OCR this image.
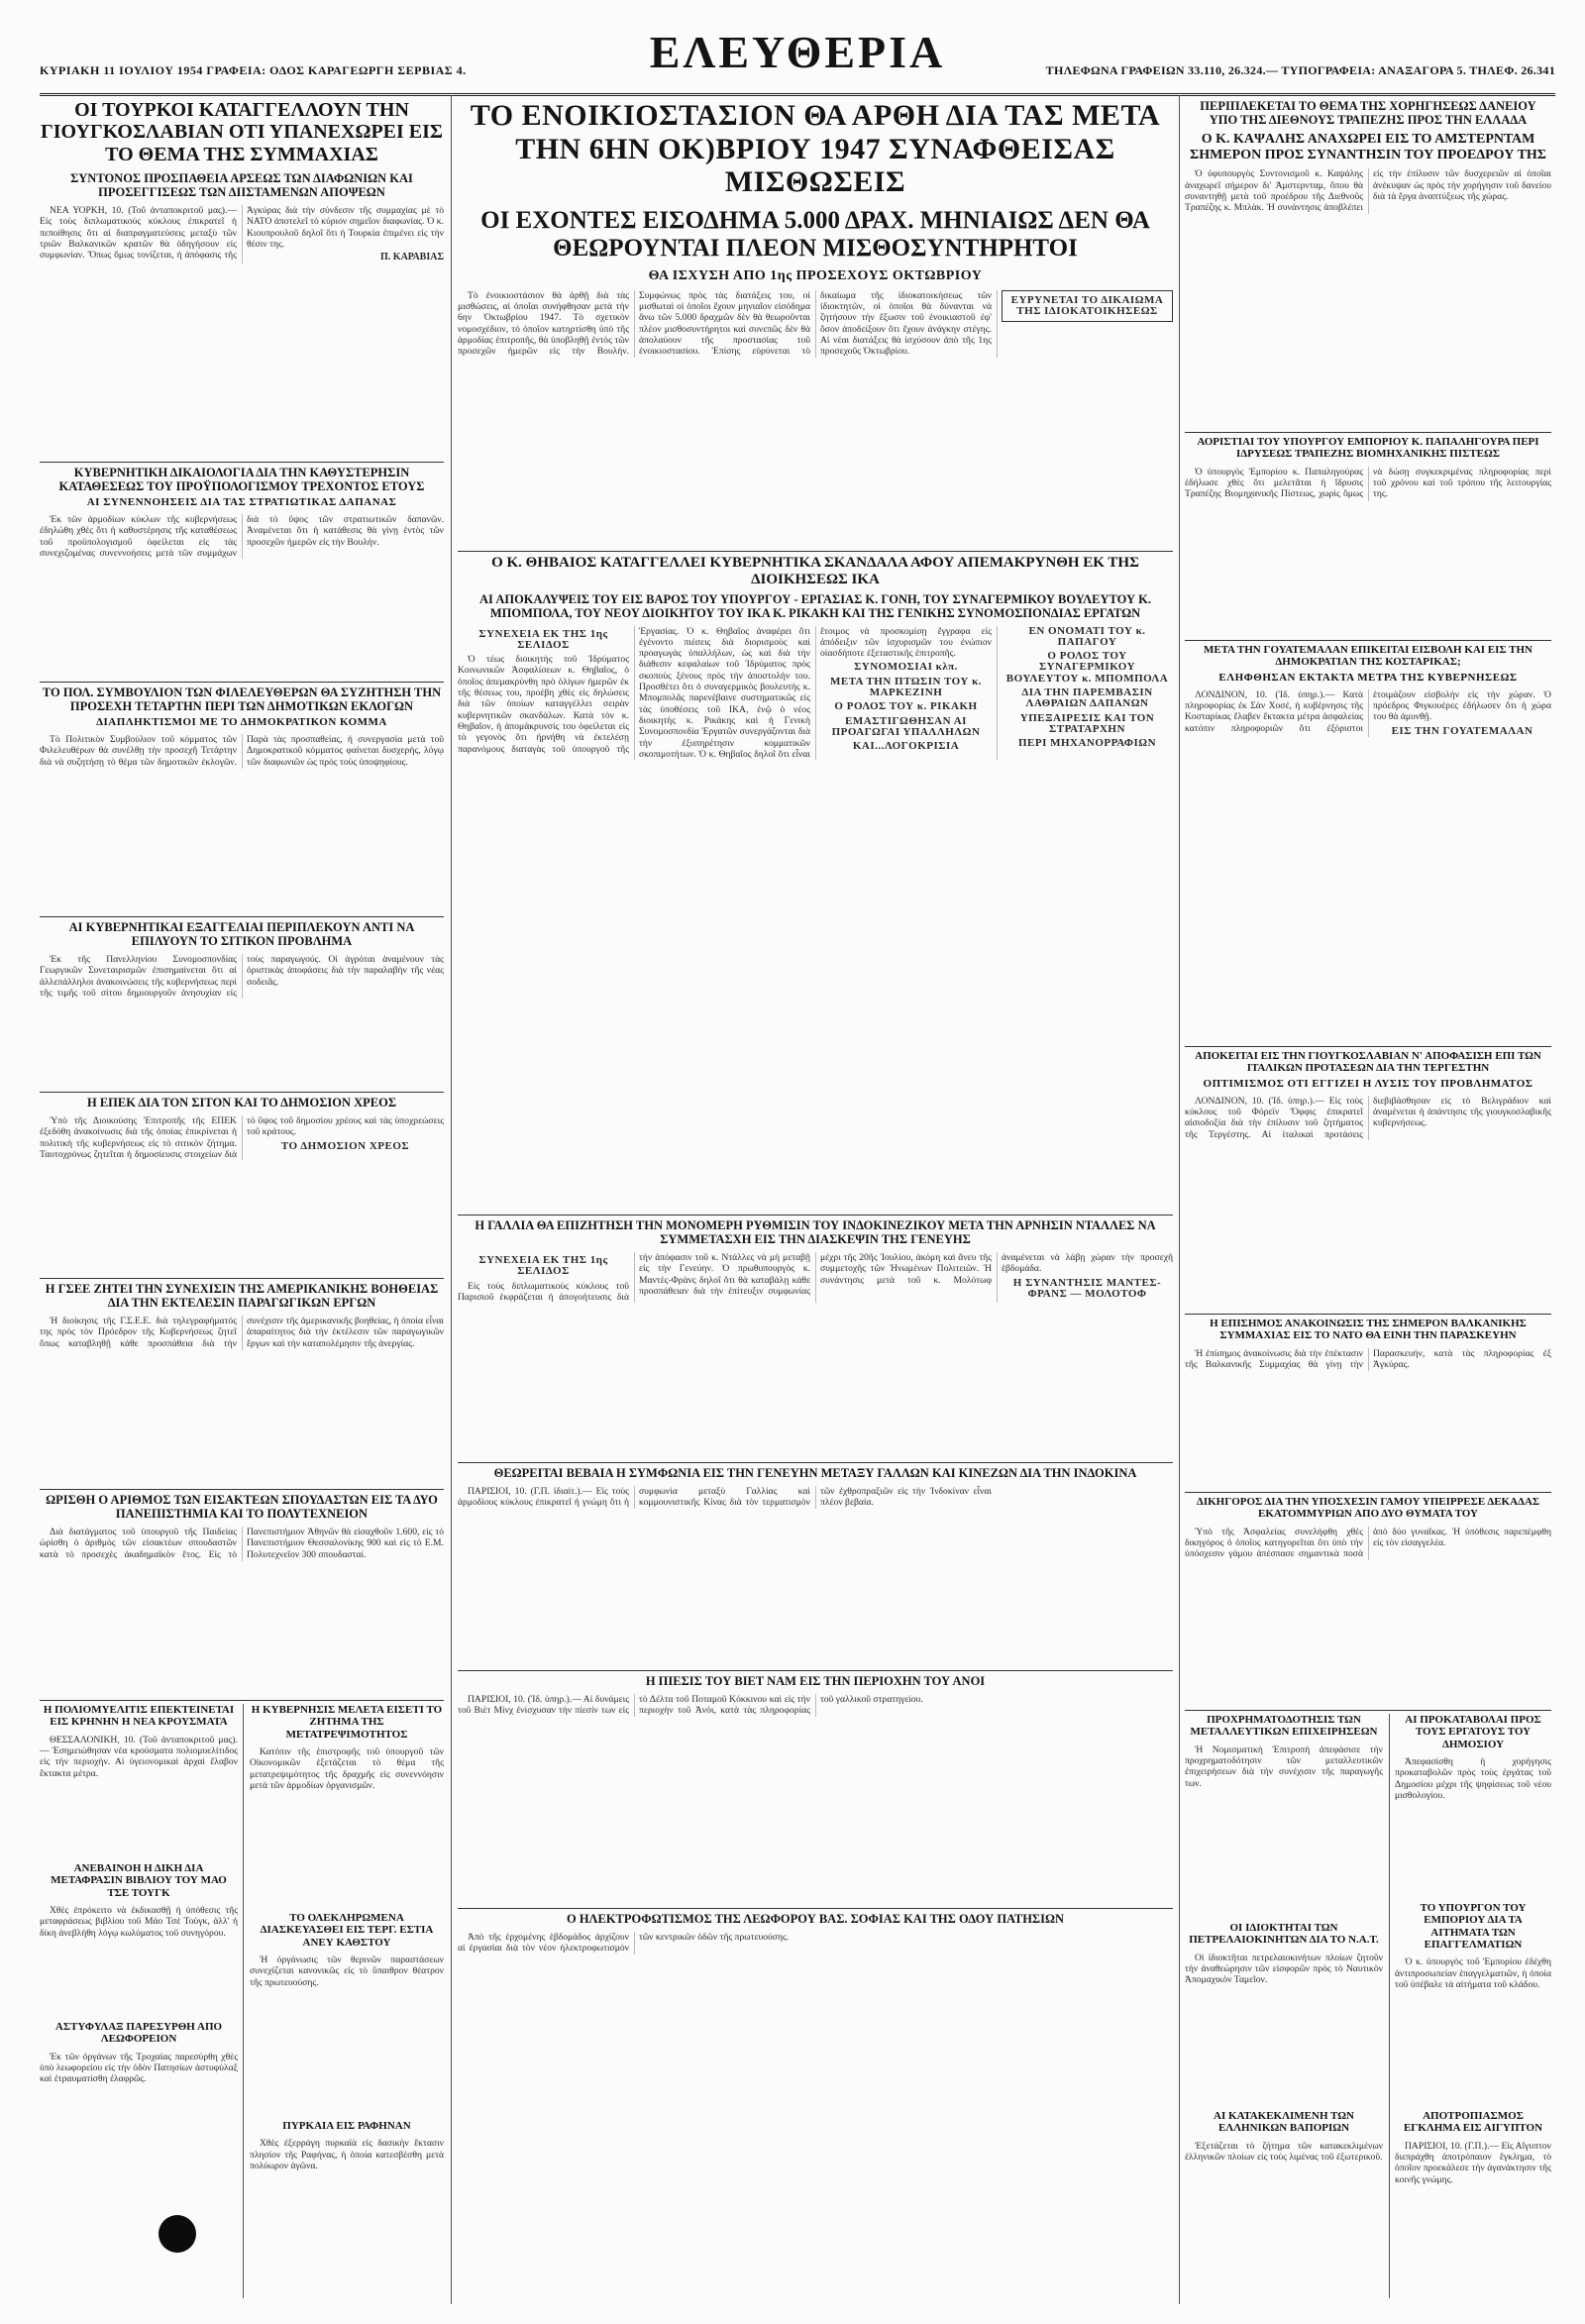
ΚΥΡΙΑΚΗ 11 ΙΟΥΛΙΟΥ 1954 ΓΡΑΦΕΙΑ: ΟΔΟΣ ΚΑΡΑΓΕΩΡΓΗ ΣΕΡΒΙΑΣ 4.	ΕΛΕΥΘΕΡΙΑ	ΤΗΛΕΦΩΝΑ ΓΡΑΦΕΙΩΝ 33.110, 26.324.— ΤΥΠΟΓΡΑΦΕΙΑ: ΑΝΑΞΑΓΟΡΑ 5. ΤΗΛΕΦ. 26.341
ΟΙ ΤΟΥΡΚΟΙ ΚΑΤΑΓΓΕΛΛΟΥΝ ΤΗΝ ΓΙΟΥΓΚΟΣΛΑΒΙΑΝ ΟΤΙ ΥΠΑΝΕΧΩΡΕΙ ΕΙΣ ΤΟ ΘΕΜΑ ΤΗΣ ΣΥΜΜΑΧΙΑΣ
ΣΥΝΤΟΝΟΣ ΠΡΟΣΠΑΘΕΙΑ ΑΡΣΕΩΣ ΤΩΝ ΔΙΑΦΩΝΙΩΝ ΚΑΙ ΠΡΟΣΕΓΓΙΣΕΩΣ ΤΩΝ ΔΙΙΣΤΑΜΕΝΩΝ ΑΠΟΨΕΩΝ

ΝΕΑ ΥΟΡΚΗ, 10. (Τοῦ ἀνταποκριτοῦ μας).— Εἰς τοὺς διπλωματικοὺς κύκλους ἐπικρατεῖ ἡ πεποίθησις ὅτι αἱ διαπραγματεύσεις μεταξὺ τῶν τριῶν Βαλκανικῶν κρατῶν θὰ ὁδηγήσουν εἰς συμφωνίαν. Ὅπως ὅμως τονίζεται, ἡ ἀπόφασις τῆς Ἀγκύρας διὰ τὴν σύνδεσιν τῆς συμμαχίας μὲ τὸ ΝΑΤΟ ἀποτελεῖ τὸ κύριον σημεῖον διαφωνίας. Ὁ κ. Κιουπρουλοῦ δηλοῖ ὅτι ἡ Τουρκία ἐπιμένει εἰς τὴν θέσιν της.

Π. ΚΑΡΑΒΙΑΣ
ΚΥΒΕΡΝΗΤΙΚΗ ΔΙΚΑΙΟΛΟΓΙΑ ΔΙΑ ΤΗΝ ΚΑΘΥΣΤΕΡΗΣΙΝ ΚΑΤΑΘΕΣΕΩΣ ΤΟΥ ΠΡΟΫΠΟΛΟΓΙΣΜΟΥ ΤΡΕΧΟΝΤΟΣ ΕΤΟΥΣ
ΑΙ ΣΥΝΕΝΝΟΗΣΕΙΣ ΔΙΑ ΤΑΣ ΣΤΡΑΤΙΩΤΙΚΑΣ ΔΑΠΑΝΑΣ

Ἐκ τῶν ἁρμοδίων κύκλων τῆς κυβερνήσεως ἐδηλώθη χθὲς ὅτι ἡ καθυστέρησις τῆς καταθέσεως τοῦ προϋπολογισμοῦ ὀφείλεται εἰς τὰς συνεχιζομένας συνεννοήσεις μετὰ τῶν συμμάχων διὰ τὸ ὕψος τῶν στρατιωτικῶν δαπανῶν. Ἀναμένεται ὅτι ἡ κατάθεσις θὰ γίνῃ ἐντὸς τῶν προσεχῶν ἡμερῶν εἰς τὴν Βουλήν.

ΤΟ ΠΟΛ. ΣΥΜΒΟΥΛΙΟΝ ΤΩΝ ΦΙΛΕΛΕΥΘΕΡΩΝ ΘΑ ΣΥΖΗΤΗΣΗ ΤΗΝ ΠΡΟΣΕΧΗ ΤΕΤΑΡΤΗΝ ΠΕΡΙ ΤΩΝ ΔΗΜΟΤΙΚΩΝ ΕΚΛΟΓΩΝ
ΔΙΑΠΛΗΚΤΙΣΜΟΙ ΜΕ ΤΟ ΔΗΜΟΚΡΑΤΙΚΟΝ ΚΟΜΜΑ

Τὸ Πολιτικὸν Συμβούλιον τοῦ κόμματος τῶν Φιλελευθέρων θὰ συνέλθῃ τὴν προσεχῆ Τετάρτην διὰ νὰ συζητήσῃ τὸ θέμα τῶν δημοτικῶν ἐκλογῶν. Παρὰ τὰς προσπαθείας, ἡ συνεργασία μετὰ τοῦ Δημοκρατικοῦ κόμματος φαίνεται δυσχερής, λόγῳ τῶν διαφωνιῶν ὡς πρὸς τοὺς ὑποψηφίους.

ΑΙ ΚΥΒΕΡΝΗΤΙΚΑΙ ΕΞΑΓΓΕΛΙΑΙ ΠΕΡΙΠΛΕΚΟΥΝ ΑΝΤΙ ΝΑ ΕΠΙΛΥΟΥΝ ΤΟ ΣΙΤΙΚΟΝ ΠΡΟΒΛΗΜΑ

Ἐκ τῆς Πανελληνίου Συνομοσπονδίας Γεωργικῶν Συνεταιρισμῶν ἐπισημαίνεται ὅτι αἱ ἀλλεπάλληλοι ἀνακοινώσεις τῆς κυβερνήσεως περὶ τῆς τιμῆς τοῦ σίτου δημιουργοῦν ἀνησυχίαν εἰς τοὺς παραγωγούς. Οἱ ἀγρόται ἀναμένουν τὰς ὁριστικὰς ἀποφάσεις διὰ τὴν παραλαβὴν τῆς νέας σοδειᾶς.

Η ΕΠΕΚ ΔΙΑ ΤΟΝ ΣΙΤΟΝ ΚΑΙ ΤΟ ΔΗΜΟΣΙΟΝ ΧΡΕΟΣ

Ὑπὸ τῆς Διοικούσης Ἐπιτροπῆς τῆς ΕΠΕΚ ἐξεδόθη ἀνακοίνωσις διὰ τῆς ὁποίας ἐπικρίνεται ἡ πολιτικὴ τῆς κυβερνήσεως εἰς τὸ σιτικὸν ζήτημα. Ταυτοχρόνως ζητεῖται ἡ δημοσίευσις στοιχείων διὰ τὸ ὕψος τοῦ δημοσίου χρέους καὶ τὰς ὑποχρεώσεις τοῦ κράτους.

ΤΟ ΔΗΜΟΣΙΟΝ ΧΡΕΟΣ
Η ΓΣΕΕ ΖΗΤΕΙ ΤΗΝ ΣΥΝΕΧΙΣΙΝ ΤΗΣ ΑΜΕΡΙΚΑΝΙΚΗΣ ΒΟΗΘΕΙΑΣ ΔΙΑ ΤΗΝ ΕΚΤΕΛΕΣΙΝ ΠΑΡΑΓΩΓΙΚΩΝ ΕΡΓΩΝ

Ἡ διοίκησις τῆς Γ.Σ.Ε.Ε. διὰ τηλεγραφήματός της πρὸς τὸν Πρόεδρον τῆς Κυβερνήσεως ζητεῖ ὅπως καταβληθῇ κάθε προσπάθεια διὰ τὴν συνέχισιν τῆς ἀμερικανικῆς βοηθείας, ἡ ὁποία εἶναι ἀπαραίτητος διὰ τὴν ἐκτέλεσιν τῶν παραγωγικῶν ἔργων καὶ τὴν καταπολέμησιν τῆς ἀνεργίας.

ΩΡΙΣΘΗ Ο ΑΡΙΘΜΟΣ ΤΩΝ ΕΙΣΑΚΤΕΩΝ ΣΠΟΥΔΑΣΤΩΝ ΕΙΣ ΤΑ ΔΥΟ ΠΑΝΕΠΙΣΤΗΜΙΑ ΚΑΙ ΤΟ ΠΟΛΥΤΕΧΝΕΙΟΝ

Διὰ διατάγματος τοῦ ὑπουργοῦ τῆς Παιδείας ὡρίσθη ὁ ἀριθμὸς τῶν εἰσακτέων σπουδαστῶν κατὰ τὸ προσεχὲς ἀκαδημαϊκὸν ἔτος. Εἰς τὸ Πανεπιστήμιον Ἀθηνῶν θὰ εἰσαχθοῦν 1.600, εἰς τὸ Πανεπιστήμιον Θεσσαλονίκης 900 καὶ εἰς τὸ Ε.Μ. Πολυτεχνεῖον 300 σπουδασταί.

Η ΠΟΛΙΟΜΥΕΛΙΤΙΣ ΕΠΕΚΤΕΙΝΕΤΑΙ ΕΙΣ ΚΡΗΝΗΝ Η ΝΕΑ ΚΡΟΥΣΜΑΤΑ

ΘΕΣΣΑΛΟΝΙΚΗ, 10. (Τοῦ ἀνταποκριτοῦ μας).— Ἐσημειώθησαν νέα κρούσματα πολιομυελίτιδος εἰς τὴν περιοχὴν. Αἱ ὑγειονομικαὶ ἀρχαὶ ἔλαβον ἔκτακτα μέτρα.

ΑΝΕΒΑΙΝΟΗ Η ΔΙΚΗ ΔΙΑ ΜΕΤΑΦΡΑΣΙΝ ΒΙΒΛΙΟΥ ΤΟΥ ΜΑΟ ΤΣΕ ΤΟΥΓΚ

Χθὲς ἐπρόκειτο νὰ ἐκδικασθῇ ἡ ὑπόθεσις τῆς μεταφράσεως βιβλίου τοῦ Μάο Τσὲ Τοὺγκ, ἀλλ' ἡ δίκη ἀνεβλήθη λόγῳ κωλύματος τοῦ συνηγόρου.

ΑΣΤΥΦΥΛΑΞ ΠΑΡΕΣΥΡΘΗ ΑΠΟ ΛΕΩΦΟΡΕΙΟΝ

Ἐκ τῶν ὀργάνων τῆς Τροχαίας παρεσύρθη χθὲς ὑπὸ λεωφορείου εἰς τὴν ὁδὸν Πατησίων ἀστυφύλαξ καὶ ἐτραυματίσθη ἐλαφρῶς.

Η ΚΥΒΕΡΝΗΣΙΣ ΜΕΛΕΤΑ ΕΙΣΕΤΙ ΤΟ ΖΗΤΗΜΑ ΤΗΣ ΜΕΤΑΤΡΕΨΙΜΟΤΗΤΟΣ

Κατόπιν τῆς ἐπιστροφῆς τοῦ ὑπουργοῦ τῶν Οἰκονομικῶν ἐξετάζεται τὸ θέμα τῆς μετατρεψιμότητος τῆς δραχμῆς εἰς συνεννόησιν μετὰ τῶν ἁρμοδίων ὀργανισμῶν.

ΤΟ ΟΛΕΚΛΗΡΩΜΕΝΑ ΔΙΑΣΚΕΥΑΣΘΕΙ ΕΙΣ ΤΕΡΓ. ΕΣΤΙΑ ΑΝΕΥ ΚΑΘΣΤΟΥ

Ἡ ὀργάνωσις τῶν θερινῶν παραστάσεων συνεχίζεται κανονικῶς εἰς τὸ ὕπαιθρον θέατρον τῆς πρωτευούσης.

ΠΥΡΚΑΙΑ ΕΙΣ ΡΑΦΗΝΑΝ

Χθὲς ἐξερράγη πυρκαϊὰ εἰς δασικὴν ἔκτασιν πλησίον τῆς Ραφήνας, ἡ ὁποία κατεσβέσθη μετὰ πολύωρον ἀγῶνα.

ΤΟ ΕΝΟΙΚΙΟΣΤΑΣΙΟΝ ΘΑ ΑΡΘΗ ΔΙΑ ΤΑΣ ΜΕΤΑ ΤΗΝ 6ΗΝ ΟΚ)ΒΡΙΟΥ 1947 ΣΥΝΑΦΘΕΙΣΑΣ ΜΙΣΘΩΣΕΙΣ
ΟΙ ΕΧΟΝΤΕΣ ΕΙΣΟΔΗΜΑ 5.000 ΔΡΑΧ. ΜΗΝΙΑΙΩΣ ΔΕΝ ΘΑ ΘΕΩΡΟΥΝΤΑΙ ΠΛΕΟΝ ΜΙΣΘΟΣΥΝΤΗΡΗΤΟΙ
ΘΑ ΙΣΧΥΣΗ ΑΠΟ 1ης ΠΡΟΣΕΧΟΥΣ ΟΚΤΩΒΡΙΟΥ

Τὸ ἐνοικιοστάσιον θὰ ἀρθῇ διὰ τὰς μισθώσεις, αἱ ὁποῖαι συνήφθησαν μετὰ τὴν 6ην Ὀκτωβρίου 1947. Τὸ σχετικὸν νομοσχέδιον, τὸ ὁποῖον κατηρτίσθη ὑπὸ τῆς ἁρμοδίας ἐπιτροπῆς, θὰ ὑποβληθῇ ἐντὸς τῶν προσεχῶν ἡμερῶν εἰς τὴν Βουλήν. Συμφώνως πρὸς τὰς διατάξεις του, οἱ μισθωταὶ οἱ ὁποῖοι ἔχουν μηνιαῖον εἰσόδημα ἄνω τῶν 5.000 δραχμῶν δὲν θὰ θεωροῦνται πλέον μισθοσυντήρητοι καὶ συνεπῶς δὲν θὰ ἀπολαύουν τῆς προστασίας τοῦ ἐνοικιοστασίου. Ἐπίσης εὐρύνεται τὸ δικαίωμα τῆς ἰδιοκατοικήσεως τῶν ἰδιοκτητῶν, οἱ ὁποῖοι θὰ δύνανται νὰ ζητήσουν τὴν ἔξωσιν τοῦ ἐνοικιαστοῦ ἐφ' ὅσον ἀποδείξουν ὅτι ἔχουν ἀνάγκην στέγης. Αἱ νέαι διατάξεις θὰ ἰσχύσουν ἀπὸ τῆς 1ης προσεχοῦς Ὀκτωβρίου.

ΕΥΡΥΝΕΤΑΙ ΤΟ ΔΙΚΑΙΩΜΑ ΤΗΣ ΙΔΙΟΚΑΤΟΙΚΗΣΕΩΣ
Ο Κ. ΘΗΒΑΙΟΣ ΚΑΤΑΓΓΕΛΛΕΙ ΚΥΒΕΡΝΗΤΙΚΑ ΣΚΑΝΔΑΛΑ ΑΦΟΥ ΑΠΕΜΑΚΡΥΝΘΗ ΕΚ ΤΗΣ ΔΙΟΙΚΗΣΕΩΣ ΙΚΑ
ΑΙ ΑΠΟΚΑΛΥΨΕΙΣ ΤΟΥ ΕΙΣ ΒΑΡΟΣ ΤΟΥ ΥΠΟΥΡΓΟΥ - ΕΡΓΑΣΙΑΣ Κ. ΓΟΝΗ, ΤΟΥ ΣΥΝΑΓΕΡΜΙΚΟΥ ΒΟΥΛΕΥΤΟΥ Κ. ΜΠΟΜΠΟΛΑ, ΤΟΥ ΝΕΟΥ ΔΙΟΙΚΗΤΟΥ ΤΟΥ ΙΚΑ Κ. ΡΙΚΑΚΗ ΚΑΙ ΤΗΣ ΓΕΝΙΚΗΣ ΣΥΝΟΜΟΣΠΟΝΔΙΑΣ ΕΡΓΑΤΩΝ
ΣΥΝΕΧΕΙΑ ΕΚ ΤΗΣ 1ης ΣΕΛΙΔΟΣ

Ὁ τέως διοικητὴς τοῦ Ἱδρύματος Κοινωνικῶν Ἀσφαλίσεων κ. Θηβαῖος, ὁ ὁποῖος ἀπεμακρύνθη πρὸ ὀλίγων ἡμερῶν ἐκ τῆς θέσεως του, προέβη χθὲς εἰς δηλώσεις διὰ τῶν ὁποίων καταγγέλλει σειρὰν κυβερνητικῶν σκανδάλων. Κατὰ τὸν κ. Θηβαῖον, ἡ ἀπομάκρυνσίς του ὀφείλεται εἰς τὸ γεγονὸς ὅτι ἠρνήθη νὰ ἐκτελέσῃ παρανόμους διαταγὰς τοῦ ὑπουργοῦ τῆς Ἐργασίας. Ὁ κ. Θηβαῖος ἀναφέρει ὅτι ἐγένοντο πιέσεις διὰ διορισμοὺς καὶ προαγωγὰς ὑπαλλήλων, ὡς καὶ διὰ τὴν διάθεσιν κεφαλαίων τοῦ Ἱδρύματος πρὸς σκοποὺς ξένους πρὸς τὴν ἀποστολήν του. Προσθέτει ὅτι ὁ συναγερμικὸς βουλευτὴς κ. Μπομπολᾶς παρενέβαινε συστηματικῶς εἰς τὰς ὑποθέσεις τοῦ ΙΚΑ, ἐνῷ ὁ νέος διοικητὴς κ. Ρικάκης καὶ ἡ Γενικὴ Συνομοσπονδία Ἐργατῶν συνεργάζονται διὰ τὴν ἐξυπηρέτησιν κομματικῶν σκοπιμοτήτων. Ὁ κ. Θηβαῖος δηλοῖ ὅτι εἶναι ἕτοιμος νὰ προσκομίσῃ ἔγγραφα εἰς ἀπόδειξιν τῶν ἰσχυρισμῶν του ἐνώπιον οἱασδήποτε ἐξεταστικῆς ἐπιτροπῆς.

ΣΥΝΟΜΟΣΙΑΙ κλπ.
ΜΕΤΑ ΤΗΝ ΠΤΩΣΙΝ ΤΟΥ κ. ΜΑΡΚΕΖΙΝΗ
Ο ΡΟΛΟΣ ΤΟΥ κ. ΡΙΚΑΚΗ
ΕΜΑΣΤΙΓΩΘΗΣΑΝ ΑΙ ΠΡΟΑΓΩΓΑΙ ΥΠΑΛΛΗΛΩΝ
ΚΑΙ...ΛΟΓΟΚΡΙΣΙΑ
ΕΝ ΟΝΟΜΑΤΙ ΤΟΥ κ. ΠΑΠΑΓΟΥ
Ο ΡΟΛΟΣ ΤΟΥ ΣΥΝΑΓΕΡΜΙΚΟΥ ΒΟΥΛΕΥΤΟΥ κ. ΜΠΟΜΠΟΛΑ
ΔΙΑ ΤΗΝ ΠΑΡΕΜΒΑΣΙΝ ΛΑΘΡΑΙΩΝ ΔΑΠΑΝΩΝ
ΥΠΕΞΑΙΡΕΣΙΣ ΚΑΙ ΤΟΝ ΣΤΡΑΤΑΡΧΗΝ
ΠΕΡΙ ΜΗΧΑΝΟΡΡΑΦΙΩΝ
Η ΓΑΛΛΙΑ ΘΑ ΕΠΙΖΗΤΗΣΗ ΤΗΝ ΜΟΝΟΜΕΡΗ ΡΥΘΜΙΣΙΝ ΤΟΥ ΙΝΔΟΚΙΝΕΖΙΚΟΥ ΜΕΤΑ ΤΗΝ ΑΡΝΗΣΙΝ ΝΤΑΛΛΕΣ ΝΑ ΣΥΜΜΕΤΑΣΧΗ ΕΙΣ ΤΗΝ ΔΙΑΣΚΕΨΙΝ ΤΗΣ ΓΕΝΕΥΗΣ
ΣΥΝΕΧΕΙΑ ΕΚ ΤΗΣ 1ης ΣΕΛΙΔΟΣ

Εἰς τοὺς διπλωματικοὺς κύκλους τοῦ Παρισιοῦ ἐκφράζεται ἡ ἀπογοήτευσις διὰ τὴν ἀπόφασιν τοῦ κ. Ντάλλες νὰ μὴ μεταβῇ εἰς τὴν Γενεύην. Ὁ πρωθυπουργὸς κ. Μαντὲς-Φρὰνς δηλοῖ ὅτι θὰ καταβάλῃ κάθε προσπάθειαν διὰ τὴν ἐπίτευξιν συμφωνίας μέχρι τῆς 20ῆς Ἰουλίου, ἀκόμη καὶ ἄνευ τῆς συμμετοχῆς τῶν Ἡνωμένων Πολιτειῶν. Ἡ συνάντησις μετὰ τοῦ κ. Μολότωφ ἀναμένεται νὰ λάβῃ χώραν τὴν προσεχῆ ἑβδομάδα.

Η ΣΥΝΑΝΤΗΣΙΣ ΜΑΝΤΕΣ-ΦΡΑΝΣ — ΜΟΛΟΤΟΦ
ΘΕΩΡΕΙΤΑΙ ΒΕΒΑΙΑ Η ΣΥΜΦΩΝΙΑ ΕΙΣ ΤΗΝ ΓΕΝΕΥΗΝ ΜΕΤΑΞΥ ΓΑΛΛΩΝ ΚΑΙ ΚΙΝΕΖΩΝ ΔΙΑ ΤΗΝ ΙΝΔΟΚΙΝΑ

ΠΑΡΙΣΙΟΙ, 10. (Γ.Π. ἰδιαίτ.).— Εἰς τοὺς ἁρμοδίους κύκλους ἐπικρατεῖ ἡ γνώμη ὅτι ἡ συμφωνία μεταξὺ Γαλλίας καὶ κομμουνιστικῆς Κίνας διὰ τὸν τερματισμὸν τῶν ἐχθροπραξιῶν εἰς τὴν Ἰνδοκίναν εἶναι πλέον βεβαία.

Η ΠΙΕΣΙΣ ΤΟΥ ΒΙΕΤ ΝΑΜ ΕΙΣ ΤΗΝ ΠΕΡΙΟΧΗΝ ΤΟΥ ΑΝΟΙ

ΠΑΡΙΣΙΟΙ, 10. (Ἰδ. ὑπηρ.).— Αἱ δυνάμεις τοῦ Βιὲτ Μὶνχ ἐνίσχυσαν τὴν πίεσίν των εἰς τὸ Δέλτα τοῦ Ποταμοῦ Κόκκινου καὶ εἰς τὴν περιοχὴν τοῦ Ἀνόι, κατὰ τὰς πληροφορίας τοῦ γαλλικοῦ στρατηγείου.

Ο ΗΛΕΚΤΡΟΦΩΤΙΣΜΟΣ ΤΗΣ ΛΕΩΦΟΡΟΥ ΒΑΣ. ΣΟΦΙΑΣ ΚΑΙ ΤΗΣ ΟΔΟΥ ΠΑΤΗΣΙΩΝ

Ἀπὸ τῆς ἐρχομένης ἑβδομάδος ἀρχίζουν αἱ ἐργασίαι διὰ τὸν νέον ἠλεκτροφωτισμὸν τῶν κεντρικῶν ὁδῶν τῆς πρωτευούσης.

ΠΕΡΙΠΛΕΚΕΤΑΙ ΤΟ ΘΕΜΑ ΤΗΣ ΧΟΡΗΓΗΣΕΩΣ ΔΑΝΕΙΟΥ ΥΠΟ ΤΗΣ ΔΙΕΘΝΟΥΣ ΤΡΑΠΕΖΗΣ ΠΡΟΣ ΤΗΝ ΕΛΛΑΔΑ
Ο Κ. ΚΑΨΑΛΗΣ ΑΝΑΧΩΡΕΙ ΕΙΣ ΤΟ ΑΜΣΤΕΡΝΤΑΜ ΣΗΜΕΡΟΝ ΠΡΟΣ ΣΥΝΑΝΤΗΣΙΝ ΤΟΥ ΠΡΟΕΔΡΟΥ ΤΗΣ

Ὁ ὑφυπουργὸς Συντονισμοῦ κ. Καψάλης ἀναχωρεῖ σήμερον δι' Ἀμστερνταμ, ὅπου θὰ συναντηθῇ μετὰ τοῦ προέδρου τῆς Διεθνοῦς Τραπέζης κ. Μπλὰκ. Ἡ συνάντησις ἀποβλέπει εἰς τὴν ἐπίλυσιν τῶν δυσχερειῶν αἱ ὁποῖαι ἀνέκυψαν ὡς πρὸς τὴν χορήγησιν τοῦ δανείου διὰ τὰ ἔργα ἀναπτύξεως τῆς χώρας.

ΑΟΡΙΣΤΙΑΙ ΤΟΥ ΥΠΟΥΡΓΟΥ ΕΜΠΟΡΙΟΥ Κ. ΠΑΠΑΛΗΓΟΥΡΑ ΠΕΡΙ ΙΔΡΥΣΕΩΣ ΤΡΑΠΕΖΗΣ ΒΙΟΜΗΧΑΝΙΚΗΣ ΠΙΣΤΕΩΣ

Ὁ ὑπουργὸς Ἐμπορίου κ. Παπαληγούρας ἐδήλωσε χθὲς ὅτι μελετᾶται ἡ ἵδρυσις Τραπέζης Βιομηχανικῆς Πίστεως, χωρὶς ὅμως νὰ δώσῃ συγκεκριμένας πληροφορίας περὶ τοῦ χρόνου καὶ τοῦ τρόπου τῆς λειτουργίας της.

ΜΕΤΑ ΤΗΝ ΓΟΥΑΤΕΜΑΛΑΝ ΕΠΙΚΕΙΤΑΙ ΕΙΣΒΟΛΗ ΚΑΙ ΕΙΣ ΤΗΝ ΔΗΜΟΚΡΑΤΙΑΝ ΤΗΣ ΚΟΣΤΑΡΙΚΑΣ;
ΕΛΗΦΘΗΣΑΝ ΕΚΤΑΚΤΑ ΜΕΤΡΑ ΤΗΣ ΚΥΒΕΡΝΗΣΕΩΣ

ΛΟΝΔΙΝΟΝ, 10. (Ἰδ. ὑπηρ.).— Κατὰ πληροφορίας ἐκ Σὰν Χοσέ, ἡ κυβέρνησις τῆς Κοσταρίκας ἔλαβεν ἔκτακτα μέτρα ἀσφαλείας κατόπιν πληροφοριῶν ὅτι ἐξόριστοι ἑτοιμάζουν εἰσβολὴν εἰς τὴν χώραν. Ὁ πρόεδρος Φιγκουέρες ἐδήλωσεν ὅτι ἡ χώρα του θὰ ἀμυνθῇ.

ΕΙΣ ΤΗΝ ΓΟΥΑΤΕΜΑΛΑΝ
ΑΠΟΚΕΙΤΑΙ ΕΙΣ ΤΗΝ ΓΙΟΥΓΚΟΣΛΑΒΙΑΝ Ν' ΑΠΟΦΑΣΙΣΗ ΕΠΙ ΤΩΝ ΙΤΑΛΙΚΩΝ ΠΡΟΤΑΣΕΩΝ ΔΙΑ ΤΗΝ ΤΕΡΓΕΣΤΗΝ
ΟΠΤΙΜΙΣΜΟΣ ΟΤΙ ΕΓΓΙΖΕΙ Η ΛΥΣΙΣ ΤΟΥ ΠΡΟΒΛΗΜΑΤΟΣ

ΛΟΝΔΙΝΟΝ, 10. (Ἰδ. ὑπηρ.).— Εἰς τοὺς κύκλους τοῦ Φόρεϊν Ὄφφις ἐπικρατεῖ αἰσιοδοξία διὰ τὴν ἐπίλυσιν τοῦ ζητήματος τῆς Τεργέστης. Αἱ ἰταλικαὶ προτάσεις διεβιβάσθησαν εἰς τὸ Βελιγράδιον καὶ ἀναμένεται ἡ ἀπάντησις τῆς γιουγκοσλαβικῆς κυβερνήσεως.

Η ΕΠΙΣΗΜΟΣ ΑΝΑΚΟΙΝΩΣΙΣ ΤΗΣ ΣΗΜΕΡΟΝ ΒΑΛΚΑΝΙΚΗΣ ΣΥΜΜΑΧΙΑΣ ΕΙΣ ΤΟ ΝΑΤΟ ΘΑ ΕΙΝΗ ΤΗΝ ΠΑΡΑΣΚΕΥΗΝ

Ἡ ἐπίσημος ἀνακοίνωσις διὰ τὴν ἐπέκτασιν τῆς Βαλκανικῆς Συμμαχίας θὰ γίνῃ τὴν Παρασκευήν, κατὰ τὰς πληροφορίας ἐξ Ἀγκύρας.

ΔΙΚΗΓΟΡΟΣ ΔΙΑ ΤΗΝ ΥΠΟΣΧΕΣΙΝ ΓΑΜΟΥ ΥΠΕΙΡΡΕΣΕ ΔΕΚΑΔΑΣ ΕΚΑΤΟΜΜΥΡΙΩΝ ΑΠΟ ΔΥΟ ΘΥΜΑΤΑ ΤΟΥ

Ὑπὸ τῆς Ἀσφαλείας συνελήφθη χθὲς δικηγόρος ὁ ὁποῖος κατηγορεῖται ὅτι ὑπὸ τὴν ὑπόσχεσιν γάμου ἀπέσπασε σημαντικὰ ποσὰ ἀπὸ δύο γυναῖκας. Ἡ ὑπόθεσις παρεπέμφθη εἰς τὸν εἰσαγγελέα.

ΠΡΟΧΡΗΜΑΤΟΔΟΤΗΣΙΣ ΤΩΝ ΜΕΤΑΛΛΕΥΤΙΚΩΝ ΕΠΙΧΕΙΡΗΣΕΩΝ

Ἡ Νομισματικὴ Ἐπιτροπὴ ἀπεφάσισε τὴν προχρηματοδότησιν τῶν μεταλλευτικῶν ἐπιχειρήσεων διὰ τὴν συνέχισιν τῆς παραγωγῆς των.

ΟΙ ΙΔΙΟΚΤΗΤΑΙ ΤΩΝ ΠΕΤΡΕΛΑΙΟΚΙΝΗΤΩΝ ΔΙΑ ΤΟ Ν.Α.Τ.

Οἱ ἰδιοκτῆται πετρελαιοκινήτων πλοίων ζητοῦν τὴν ἀναθεώρησιν τῶν εἰσφορῶν πρὸς τὸ Ναυτικὸν Ἀπομαχικὸν Ταμεῖον.

ΑΙ ΚΑΤΑΚΕΚΛΙΜΕΝΗ ΤΩΝ ΕΛΛΗΝΙΚΩΝ ΒΑΠΟΡΙΩΝ

Ἐξετάζεται τὸ ζήτημα τῶν κατακεκλιμένων ἑλληνικῶν πλοίων εἰς τοὺς λιμένας τοῦ ἐξωτερικοῦ.

ΑΙ ΠΡΟΚΑΤΑΒΟΛΑΙ ΠΡΟΣ ΤΟΥΣ ΕΡΓΑΤΟΥΣ ΤΟΥ ΔΗΜΟΣΙΟΥ

Ἀπεφασίσθη ἡ χορήγησις προκαταβολῶν πρὸς τοὺς ἐργάτας τοῦ Δημοσίου μέχρι τῆς ψηφίσεως τοῦ νέου μισθολογίου.

ΤΟ ΥΠΟΥΡΓΟΝ ΤΟΥ ΕΜΠΟΡΙΟΥ ΔΙΑ ΤΑ ΑΙΤΗΜΑΤΑ ΤΩΝ ΕΠΑΓΓΕΛΜΑΤΙΩΝ

Ὁ κ. ὑπουργὸς τοῦ Ἐμπορίου ἐδέχθη ἀντιπροσωπείαν ἐπαγγελματιῶν, ἡ ὁποία τοῦ ὑπέβαλε τὰ αἰτήματα τοῦ κλάδου.

ΑΠΟΤΡΟΠΙΑΣΜΟΣ ΕΓΚΛΗΜΑ ΕΙΣ ΑΙΓΥΠΤΟΝ

ΠΑΡΙΣΙΟΙ, 10. (Γ.Π.).— Εἰς Αἴγυπτον διεπράχθη ἀποτρόπαιον ἔγκλημα, τὸ ὁποῖον προεκάλεσε τὴν ἀγανάκτησιν τῆς κοινῆς γνώμης.
